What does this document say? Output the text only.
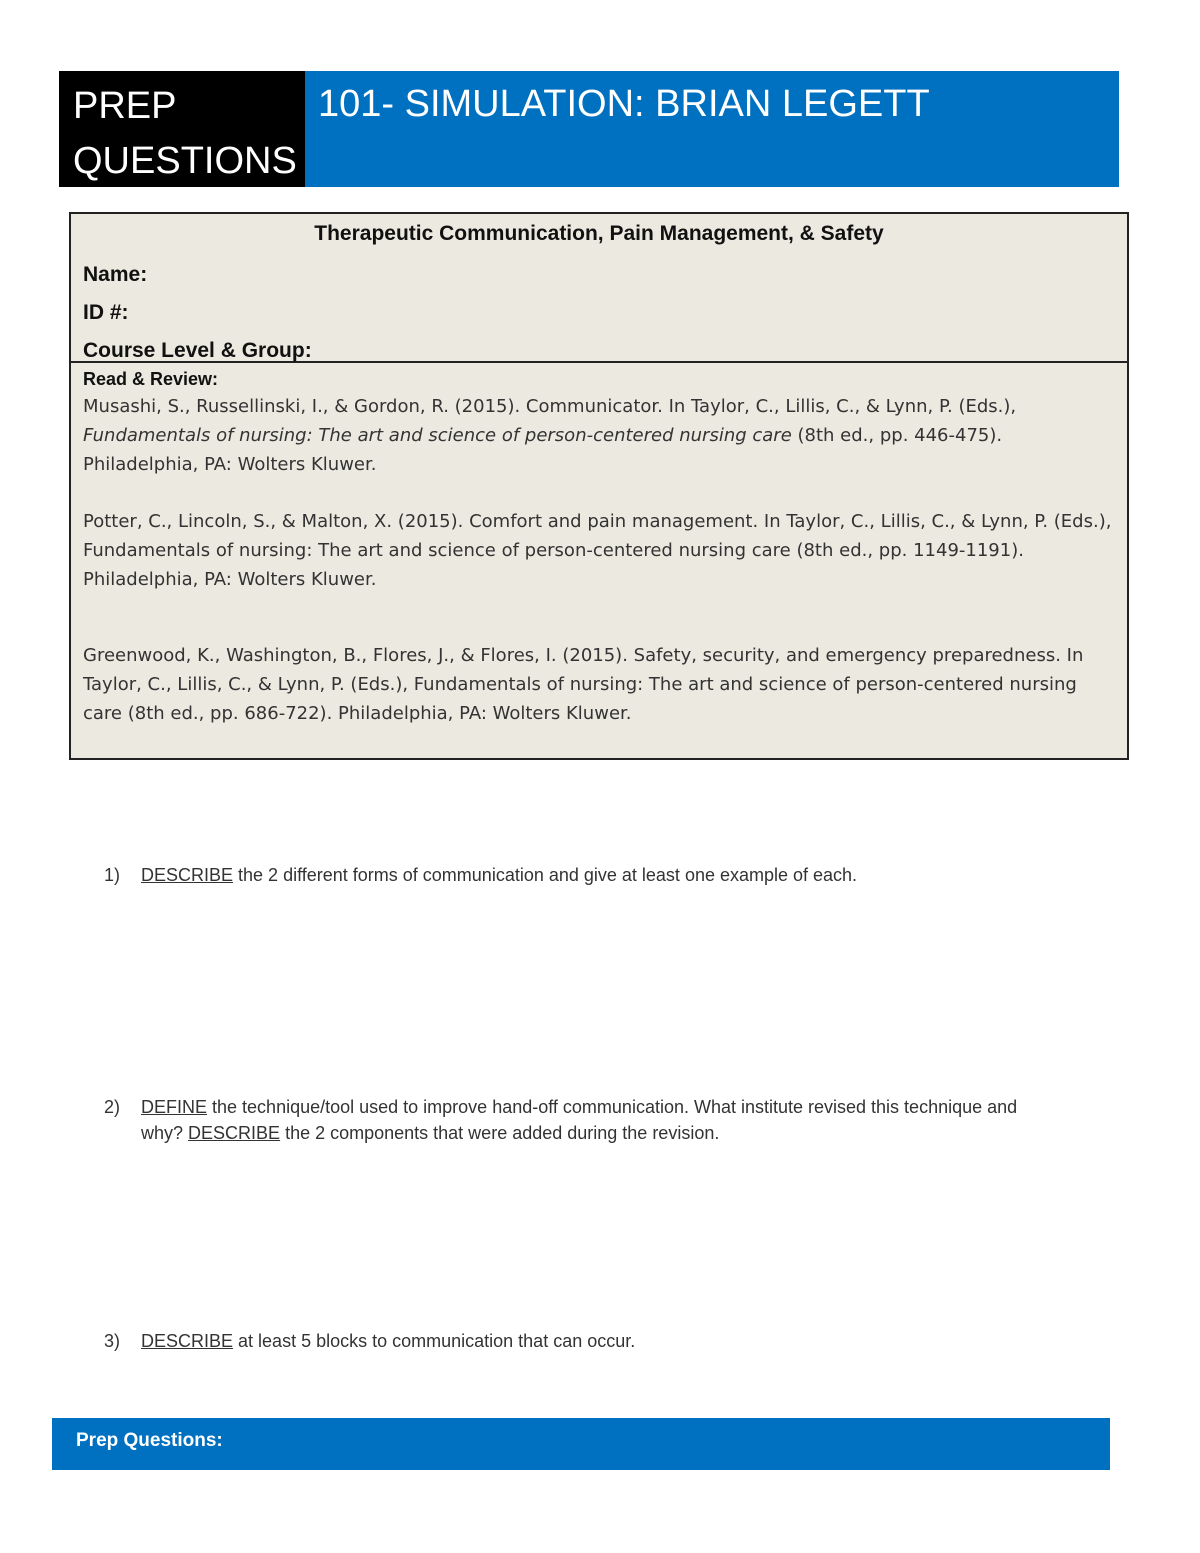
PREP
QUESTIONS
101- SIMULATION: BRIAN LEGETT
Therapeutic Communication, Pain Management, & Safety
Name:
ID #:
Course Level & Group:
Read & Review:

Musashi, S., Russellinski, I., & Gordon, R. (2015). Communicator. In Taylor, C., Lillis, C., & Lynn, P. (Eds.), Fundamentals of nursing: The art and science of person-centered nursing care (8th ed., pp. 446-475). Philadelphia, PA: Wolters Kluwer.

Potter, C., Lincoln, S., & Malton, X. (2015). Comfort and pain management. In Taylor, C., Lillis, C., & Lynn, P. (Eds.), Fundamentals of nursing: The art and science of person-centered nursing care (8th ed., pp. 1149-1191). Philadelphia, PA: Wolters Kluwer.

Greenwood, K., Washington, B., Flores, J., & Flores, I. (2015). Safety, security, and emergency preparedness. In Taylor, C., Lillis, C., & Lynn, P. (Eds.), Fundamentals of nursing: The art and science of person-centered nursing care (8th ed., pp. 686-722). Philadelphia, PA: Wolters Kluwer.

1)	DESCRIBE the 2 different forms of communication and give at least one example of each.
2)	DEFINE the technique/tool used to improve hand-off communication. What institute revised this technique and why? DESCRIBE the 2 components that were added during the revision.
3)	DESCRIBE at least 5 blocks to communication that can occur.
Prep Questions:
